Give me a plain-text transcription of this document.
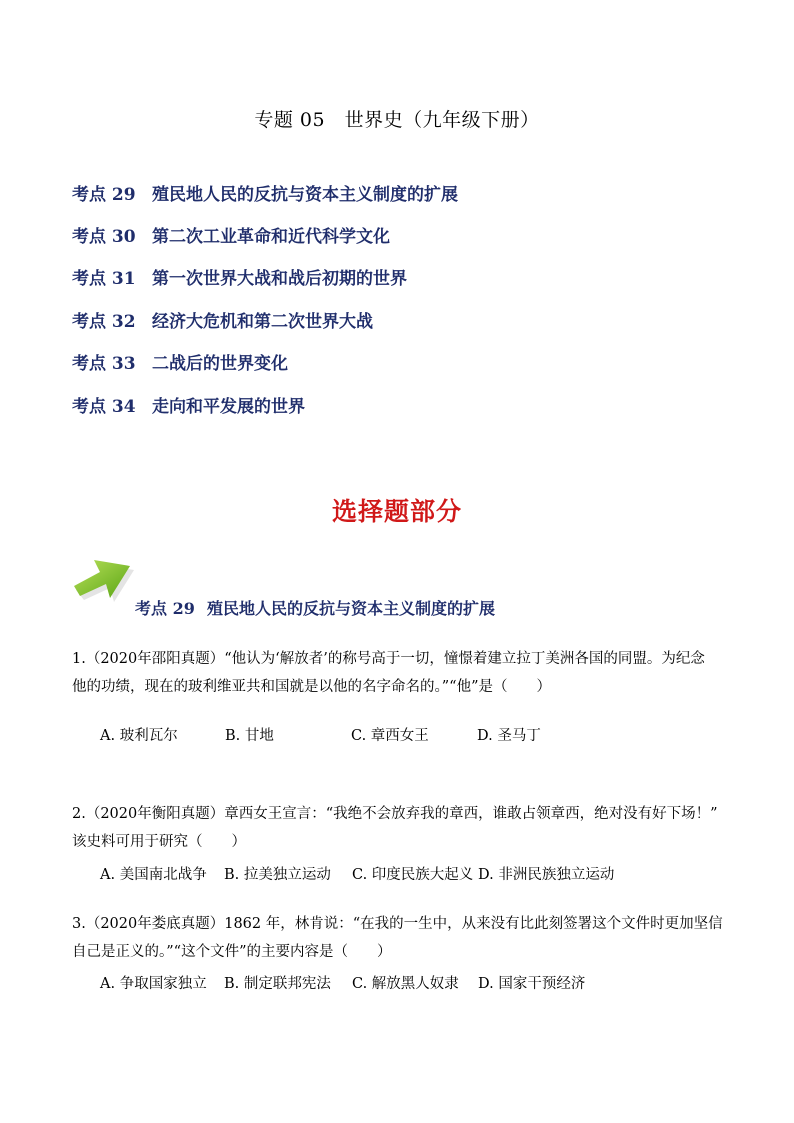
专题 05　世界史（九年级下册）
考点 29 殖民地人民的反抗与资本主义制度的扩展
考点 30 第二次工业革命和近代科学文化
考点 31 第一次世界大战和战后初期的世界
考点 32 经济大危机和第二次世界大战
考点 33 二战后的世界变化
考点 34 走向和平发展的世界
选择题部分
考点 29 殖民地人民的反抗与资本主义制度的扩展
1.（2020年邵阳真题）“他认为‘解放者’的称号高于一切，憧憬着建立拉丁美洲各国的同盟。为纪念
他的功绩，现在的玻利维亚共和国就是以他的名字命名的。”“他”是（　　）
A. 玻利瓦尔	B. 甘地	C. 章西女王	D. 圣马丁
2.（2020年衡阳真题）章西女王宣言：“我绝不会放弃我的章西，谁敢占领章西，绝对没有好下场！”
该史料可用于研究（　　）
A. 美国南北战争 B. 拉美独立运动 C. 印度民族大起义 D. 非洲民族独立运动
3.（2020年娄底真题）1862 年，林肯说：“在我的一生中，从来没有比此刻签署这个文件时更加坚信
自己是正义的。”“这个文件”的主要内容是（　　）
A. 争取国家独立 B. 制定联邦宪法 C. 解放黑人奴隶 D. 国家干预经济
